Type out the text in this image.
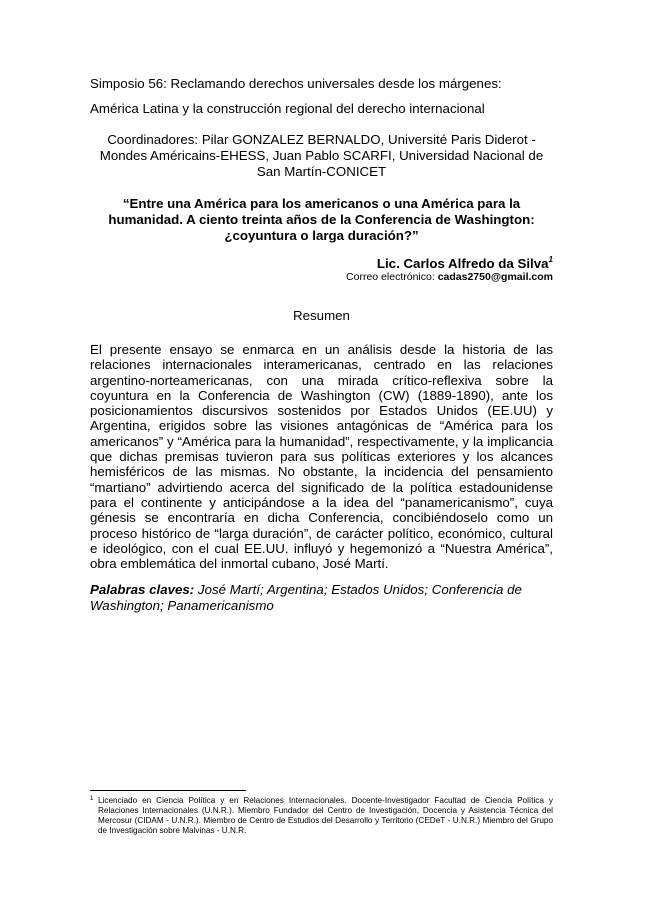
Simposio 56: Reclamando derechos universales desde los márgenes: América Latina y la construcción regional del derecho internacional
Coordinadores: Pilar GONZALEZ BERNALDO, Université Paris Diderot - Mondes Américains-EHESS, Juan Pablo SCARFI, Universidad Nacional de San Martín-CONICET
“Entre una América para los americanos o una América para la humanidad. A ciento treinta años de la Conferencia de Washington: ¿coyuntura o larga duración?”
Lic. Carlos Alfredo da Silva$^1$
Correo electrónico: cadas2750@gmail.com
Resumen
El presente ensayo se enmarca en un análisis desde la historia de las relaciones internacionales interamericanas, centrado en las relaciones argentino-norteamericanas, con una mirada crítico-reflexiva sobre la coyuntura en la Conferencia de Washington (CW) (1889-1890), ante los posicionamientos discursivos sostenidos por Estados Unidos (EE.UU) y Argentina, erigidos sobre las visiones antagónicas de “América para los americanos” y “América para la humanidad”, respectivamente, y la implicancia que dichas premisas tuvieron para sus políticas exteriores y los alcances hemisféricos de las mismas. No obstante, la incidencia del pensamiento “martiano” advirtiendo acerca del significado de la política estadounidense para el continente y anticipándose a la idea del “panamericanismo”, cuya génesis se encontraría en dicha Conferencia, concibiéndoselo como un proceso histórico de “larga duración”, de carácter político, económico, cultural e ideológico, con el cual EE.UU. influyó y hegemonizó a “Nuestra América”, obra emblemática del inmortal cubano, José Martí.
Palabras claves: José Martí; Argentina; Estados Unidos; Conferencia de Washington; Panamericanismo
1 Licenciado en Ciencia Política y en Relaciones Internacionales. Docente-Investigador Facultad de Ciencia Política y Relaciones Internacionales (U.N.R.). Miembro Fundador del Centro de Investigación, Docencia y Asistencia Técnica del Mercosur (CIDAM - U.N.R.). Miembro de Centro de Estudios del Desarrollo y Territorio (CEDeT - U.N.R.) Miembro del Grupo de Investigación sobre Malvinas - U.N.R.
